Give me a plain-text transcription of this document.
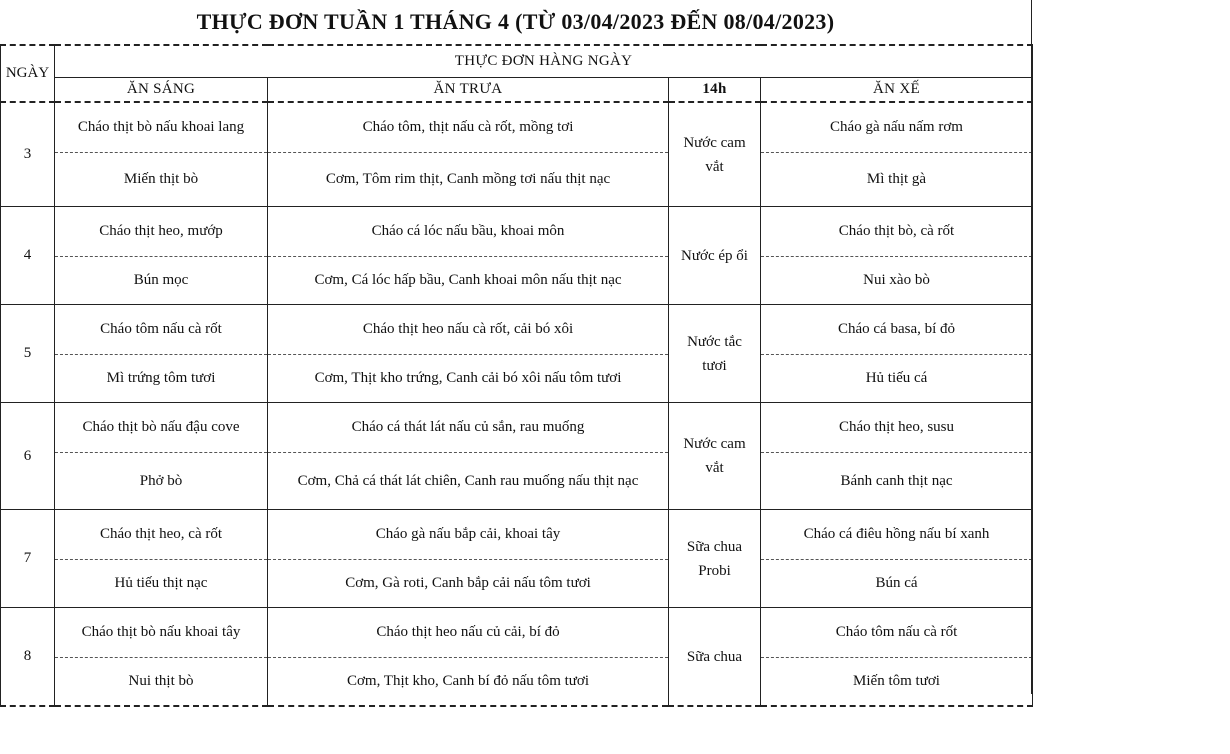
THỰC ĐƠN TUẦN 1 THÁNG 4 (TỪ 03/04/2023 ĐẾN 08/04/2023)
NGÀY	THỰC ĐƠN HÀNG NGÀY			
	ĂN SÁNG	ĂN TRƯA	14h	ĂN XẾ
3	Cháo thịt bò nấu khoai lang	Cháo tôm, thịt nấu cà rốt, mồng tơi	Nước cam vắt	Cháo gà nấu nấm rơm
	Miến thịt bò	Cơm, Tôm rim thịt, Canh mồng tơi nấu thịt nạc		Mì thịt gà
4	Cháo thịt heo, mướp	Cháo cá lóc nấu bầu, khoai môn	Nước ép ổi	Cháo thịt bò, cà rốt
	Bún mọc	Cơm, Cá lóc hấp bầu, Canh khoai môn nấu thịt nạc		Nui xào bò
5	Cháo tôm nấu cà rốt	Cháo thịt heo nấu cà rốt, cải bó xôi	Nước tắc tươi	Cháo cá basa, bí đỏ
	Mì trứng tôm tươi	Cơm, Thịt kho trứng, Canh cải bó xôi nấu tôm tươi		Hủ tiếu cá
6	Cháo thịt bò nấu đậu cove	Cháo cá thát lát nấu củ sắn, rau muống	Nước cam vắt	Cháo thịt heo, susu
	Phở bò	Cơm, Chả cá thát lát chiên, Canh rau muống nấu thịt nạc		Bánh canh thịt nạc
7	Cháo thịt heo, cà rốt	Cháo gà nấu bắp cải, khoai tây	Sữa chua Probi	Cháo cá điêu hồng nấu bí xanh
	Hủ tiếu thịt nạc	Cơm, Gà roti, Canh bắp cải nấu tôm tươi		Bún cá
8	Cháo thịt bò nấu khoai tây	Cháo thịt heo nấu củ cải, bí đỏ	Sữa chua	Cháo tôm nấu cà rốt
	Nui thịt bò	Cơm, Thịt kho, Canh bí đỏ nấu tôm tươi		Miến tôm tươi
